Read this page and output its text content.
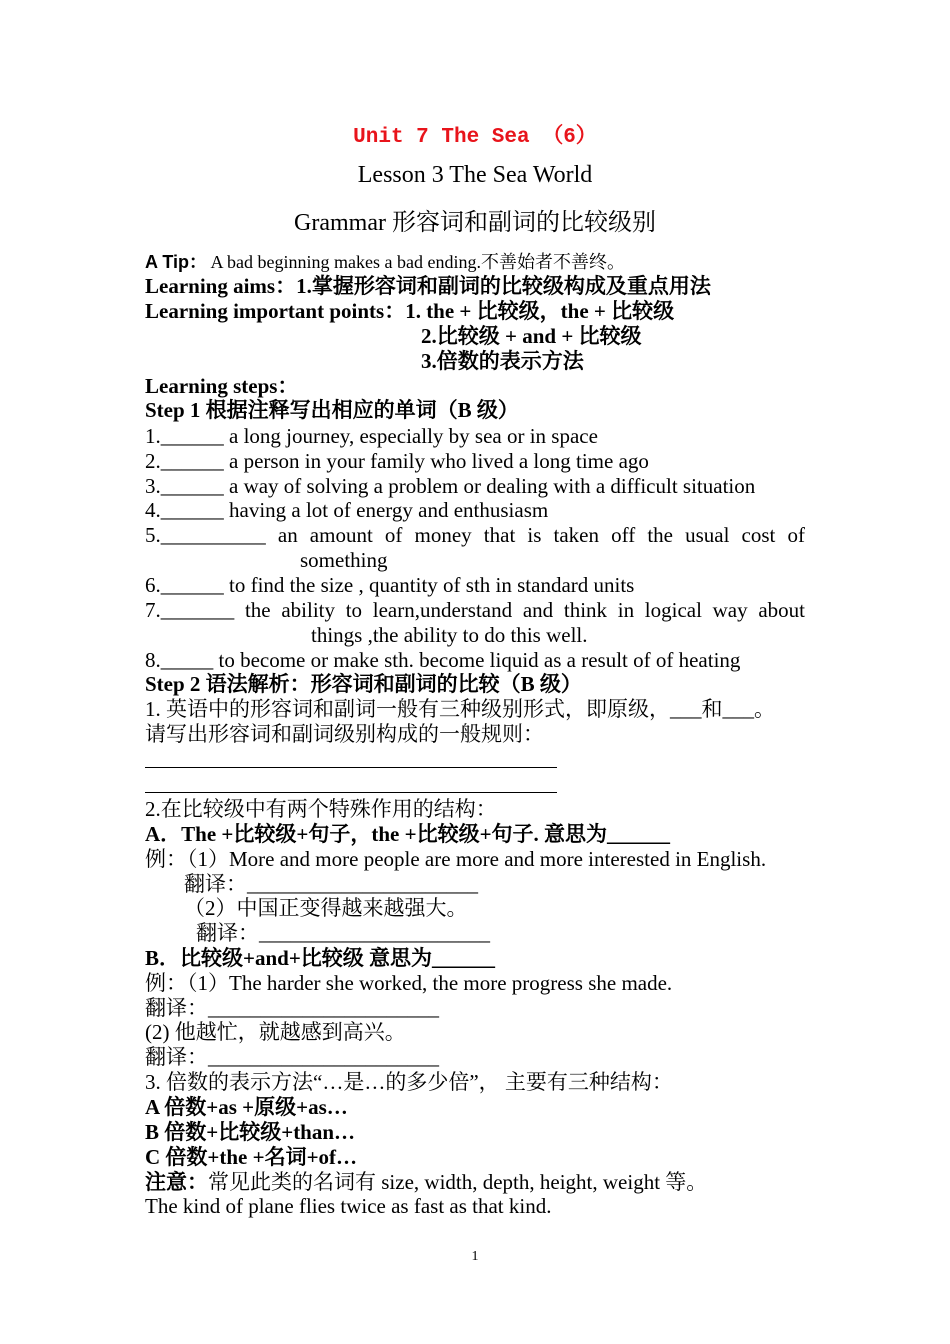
Unit 7 The Sea （6）
Lesson 3 The Sea World
Grammar 形容词和副词的比较级别
A Tip： A bad beginning makes a bad ending.不善始者不善终。
Learning aims：1.掌握形容词和副词的比较级构成及重点用法
Learning important points：1. the + 比较级，the + 比较级
2.比较级 + and + 比较级
3.倍数的表示方法
Learning steps：
Step 1 根据注释写出相应的单词（B 级）
1.______ a long journey, especially by sea or in space
2.______ a person in your family who lived a long time ago
3.______ a way of solving a problem or dealing with a difficult situation
4.______ having a lot of energy and enthusiasm
5.__________ an amount of money that is taken off the usual cost of
something
6.______ to find the size , quantity of sth in standard units
7._______ the ability to learn,understand and think in logical way about
things ,the ability to do this well.
8._____ to become or make sth. become liquid as a result of of heating
Step 2 语法解析：形容词和副词的比较（B 级）
1. 英语中的形容词和副词一般有三种级别形式，即原级，___和___。
请写出形容词和副词级别构成的一般规则：
2.在比较级中有两个特殊作用的结构：
A．The +比较级+句子，the +比较级+句子. 意思为______
例：（1）More and more people are more and more interested in English.
翻译：______________________
（2）中国正变得越来越强大。
翻译：______________________
B．比较级+and+比较级 意思为______
例：（1）The harder she worked, the more progress she made.
翻译：______________________
(2) 他越忙，就越感到高兴。
翻译：______________________
3. 倍数的表示方法“…是…的多少倍”， 主要有三种结构：
A 倍数+as +原级+as…
B 倍数+比较级+than…
C 倍数+the +名词+of…
注意：常见此类的名词有 size, width, depth, height, weight 等。
The kind of plane flies twice as fast as that kind.
1
